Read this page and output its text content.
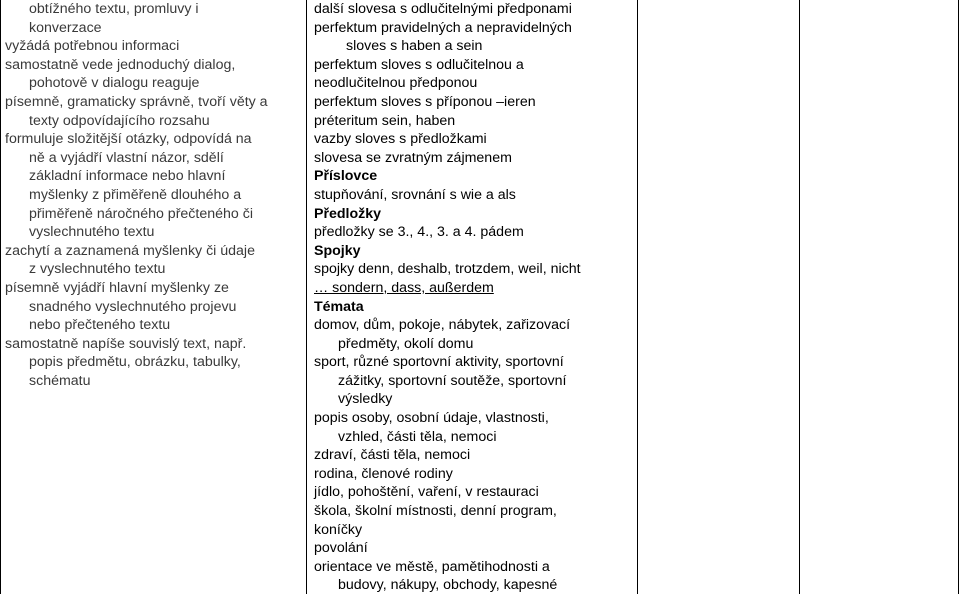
obtížného textu, promluvy i
konverzace
vyžádá potřebnou informaci
samostatně vede jednoduchý dialog,
pohotově v dialogu reaguje
písemně, gramaticky správně, tvoří věty a
texty odpovídajícího rozsahu
formuluje složitější otázky, odpovídá na
ně a vyjádří vlastní názor, sdělí
základní informace nebo hlavní
myšlenky z přiměřeně dlouhého a
přiměřeně náročného přečteného či
vyslechnutého textu
zachytí a zaznamená myšlenky či údaje
z vyslechnutého textu
písemně vyjádří hlavní myšlenky ze
snadného vyslechnutého projevu
nebo přečteného textu
samostatně napíše souvislý text, např.
popis předmětu, obrázku, tabulky,
schématu
další slovesa s odlučitelnými předponami
perfektum pravidelných a nepravidelných
sloves s haben a sein
perfektum sloves s odlučitelnou a
neodlučitelnou předponou
perfektum sloves s příponou –ieren
préteritum sein, haben
vazby sloves s předložkami
slovesa se zvratným zájmenem
Příslovce
stupňování, srovnání s wie a als
Předložky
předložky se 3., 4., 3. a 4. pádem
Spojky
spojky denn, deshalb, trotzdem, weil, nicht
… sondern, dass, außerdem
Témata
domov, dům, pokoje, nábytek, zařizovací
předměty, okolí domu
sport, různé sportovní aktivity, sportovní
zážitky, sportovní soutěže, sportovní
výsledky
popis osoby, osobní údaje, vlastnosti,
vzhled, části těla, nemoci
zdraví, části těla, nemoci
rodina, členové rodiny
jídlo, pohoštění, vaření, v restauraci
škola, školní místnosti, denní program,
koníčky
povolání
orientace ve městě, pamětihodnosti a
budovy, nákupy, obchody, kapesné
